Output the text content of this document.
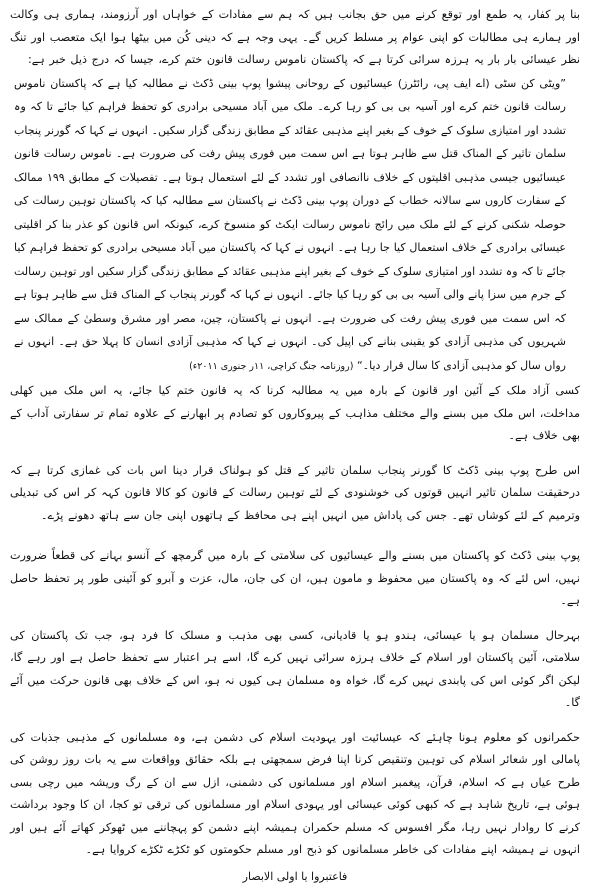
بنا پر کفار، یہ طمع اور توقع کرنے میں حق بجانب ہیں کہ ہم سے مفادات کے خواہاں اور آرزومند، ہماری ہی وکالت اور ہمارے ہی مطالبات کو اپنی عوام پر مسلط کریں گے۔ یہی وجہ ہے کہ دینی کُن میں بیٹھا ہوا ایک متعصب اور تنگ نظر عیسائی بار بار یہ ہرزہ سرائی کرتا ہے کہ پاکستان ناموس رسالت قانون ختم کرے، جیسا کہ درج ذیل خبر ہے:

”ویٹی کن سٹی (اے ایف پی، رائٹرز) عیسائیوں کے روحانی پیشوا پوپ بینی ڈکٹ نے مطالبہ کیا ہے کہ پاکستان ناموس رسالت قانون ختم کرے اور آسیہ بی بی کو رہا کرے۔ ملک میں آباد مسیحی برادری کو تحفظ فراہم کیا جائے تا کہ وہ تشدد اور امتیازی سلوک کے خوف کے بغیر اپنے مذہبی عقائد کے مطابق زندگی گزار سکیں۔ انہوں نے کہا کہ گورنر پنجاب سلمان تاثیر کے المناک قتل سے ظاہر ہوتا ہے اس سمت میں فوری پیش رفت کی ضرورت ہے۔ ناموس رسالت قانون عیسائیوں جیسی مذہبی اقلیتوں کے خلاف ناانصافی اور تشدد کے لئے استعمال ہوتا ہے۔ تفصیلات کے مطابق ۱۹۹ ممالک کے سفارت کاروں سے سالانہ خطاب کے دوران پوپ بینی ڈکٹ نے پاکستان سے مطالبہ کیا کہ پاکستان توہین رسالت کی حوصلہ شکنی کرنے کے لئے ملک میں رائج ناموس رسالت ایکٹ کو منسوخ کرے، کیونکہ اس قانون کو عذر بنا کر اقلیتی عیسائی برادری کے خلاف استعمال کیا جا رہا ہے۔ انہوں نے کہا کہ پاکستان میں آباد مسیحی برادری کو تحفظ فراہم کیا جائے تا کہ وہ تشدد اور امتیازی سلوک کے خوف کے بغیر اپنے مذہبی عقائد کے مطابق زندگی گزار سکیں اور توہین رسالت کے جرم میں سزا پانے والی آسیہ بی بی کو رہا کیا جائے۔ انہوں نے کہا کہ گورنر پنجاب کے المناک قتل سے ظاہر ہوتا ہے کہ اس سمت میں فوری پیش رفت کی ضرورت ہے۔ انہوں نے پاکستان، چین، مصر اور مشرق وسطیٰ کے ممالک سے شہریوں کی مذہبی آزادی کو یقینی بنانے کی اپیل کی۔ انہوں نے کہا کہ مذہبی آزادی انسان کا پہلا حق ہے۔ انہوں نے رواں سال کو مذہبی آزادی کا سال قرار دیا۔“ (روزنامہ جنگ کراچی، ۱۱ر جنوری ۲۰۱۱ء)

کسی آزاد ملک کے آئین اور قانون کے بارہ میں یہ مطالبہ کرنا کہ یہ قانون ختم کیا جائے، یہ اس ملک میں کھلی مداخلت، اس ملک میں بسنے والے مختلف مذاہب کے پیروکاروں کو تصادم پر ابھارنے کے علاوہ تمام تر سفارتی آداب کے بھی خلاف ہے۔

اس طرح پوپ بینی ڈکٹ کا گورنر پنجاب سلمان تاثیر کے قتل کو ہولناک قرار دینا اس بات کی غمازی کرتا ہے کہ درحقیقت سلمان تاثیر انہیں قوتوں کی خوشنودی کے لئے توہین رسالت کے قانون کو کالا قانون کہہ کر اس کی تبدیلی وترمیم کے لئے کوشاں تھے۔ جس کی پاداش میں انہیں اپنے ہی محافظ کے ہاتھوں اپنی جان سے ہاتھ دھونے پڑے۔

پوپ بینی ڈکٹ کو پاکستان میں بسنے والے عیسائیوں کی سلامتی کے بارہ میں گرمچھ کے آنسو بہانے کی قطعاً ضرورت نہیں، اس لئے کہ وہ پاکستان میں محفوظ و مامون ہیں، ان کی جان، مال، عزت و آبرو کو آئینی طور پر تحفظ حاصل ہے۔

بہرحال مسلمان ہو یا عیسائی، ہندو ہو یا قادیانی، کسی بھی مذہب و مسلک کا فرد ہو، جب تک پاکستان کی سلامتی، آئین پاکستان اور اسلام کے خلاف ہرزہ سرائی نہیں کرے گا، اسے ہر اعتبار سے تحفظ حاصل ہے اور رہے گا، لیکن اگر کوئی اس کی پابندی نہیں کرے گا، خواہ وہ مسلمان ہی کیوں نہ ہو، اس کے خلاف بھی قانون حرکت میں آئے گا۔

حکمرانوں کو معلوم ہونا چاہئے کہ عیسائیت اور یہودیت اسلام کی دشمن ہے، وہ مسلمانوں کے مذہبی جذبات کی پامالی اور شعائر اسلام کی توہین وتنقیص کرنا اپنا فرض سمجھتی ہے بلکہ حقائق وواقعات سے یہ بات روز روشن کی طرح عیاں ہے کہ اسلام، قرآن، پیغمبر اسلام اور مسلمانوں کی دشمنی، ازل سے ان کے رگ وریشہ میں رچی بسی ہوئی ہے، تاریخ شاہد ہے کہ کبھی کوئی عیسائی اور یہودی اسلام اور مسلمانوں کی ترقی تو کجا، ان کا وجود برداشت کرنے کا روادار نہیں رہا، مگر افسوس کہ مسلم حکمران ہمیشہ اپنے دشمن کو پہچاننے میں ٹھوکر کھاتے آئے ہیں اور انہوں نے ہمیشہ اپنے مفادات کی خاطر مسلمانوں کو ذبح اور مسلم حکومتوں کو ٹکڑے ٹکڑے کروایا ہے۔

فاعتبروا یا اولی الابصار
